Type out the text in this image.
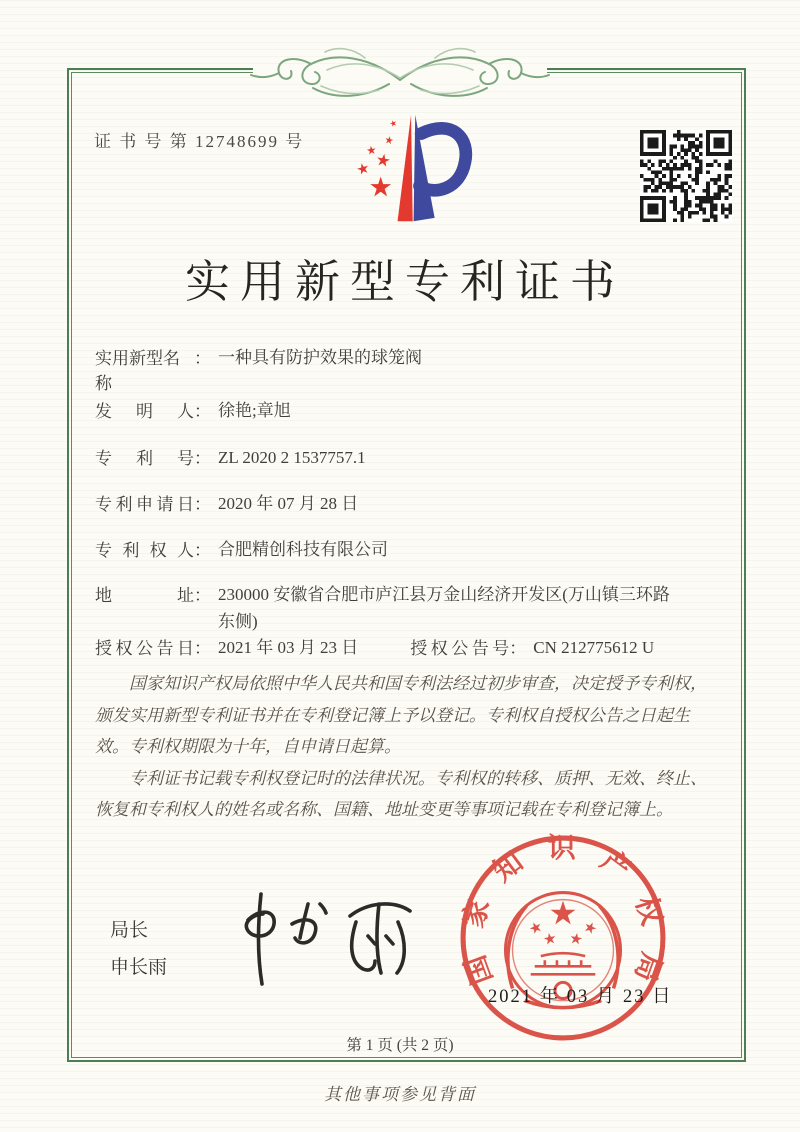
证 书 号 第 12748699 号
实用新型专利证书
实用新型名称
： 一种具有防护效果的球笼阀
发明人 ： 徐艳;章旭
专利号 ： ZL 2020 2 1537757.1
专利申请日 ： 2020 年 07 月 28 日
专利权人 ： 合肥精创科技有限公司
地址 ： 230000 安徽省合肥市庐江县万金山经济开发区(万山镇三环路东侧)
授权公告日 ： 2021 年 03 月 23 日	授权公告号 ： CN 212775612 U

国家知识产权局依照中华人民共和国专利法经过初步审查，决定授予专利权，颁发实用新型专利证书并在专利登记簿上予以登记。专利权自授权公告之日起生效。专利权期限为十年，自申请日起算。

专利证书记载专利权登记时的法律状况。专利权的转移、质押、无效、终止、恢复和专利权人的姓名或名称、国籍、地址变更等事项记载在专利登记簿上。

局长
申长雨	国家知识产权局
2021 年 03 月 23 日
第 1 页 (共 2 页)
其他事项参见背面
